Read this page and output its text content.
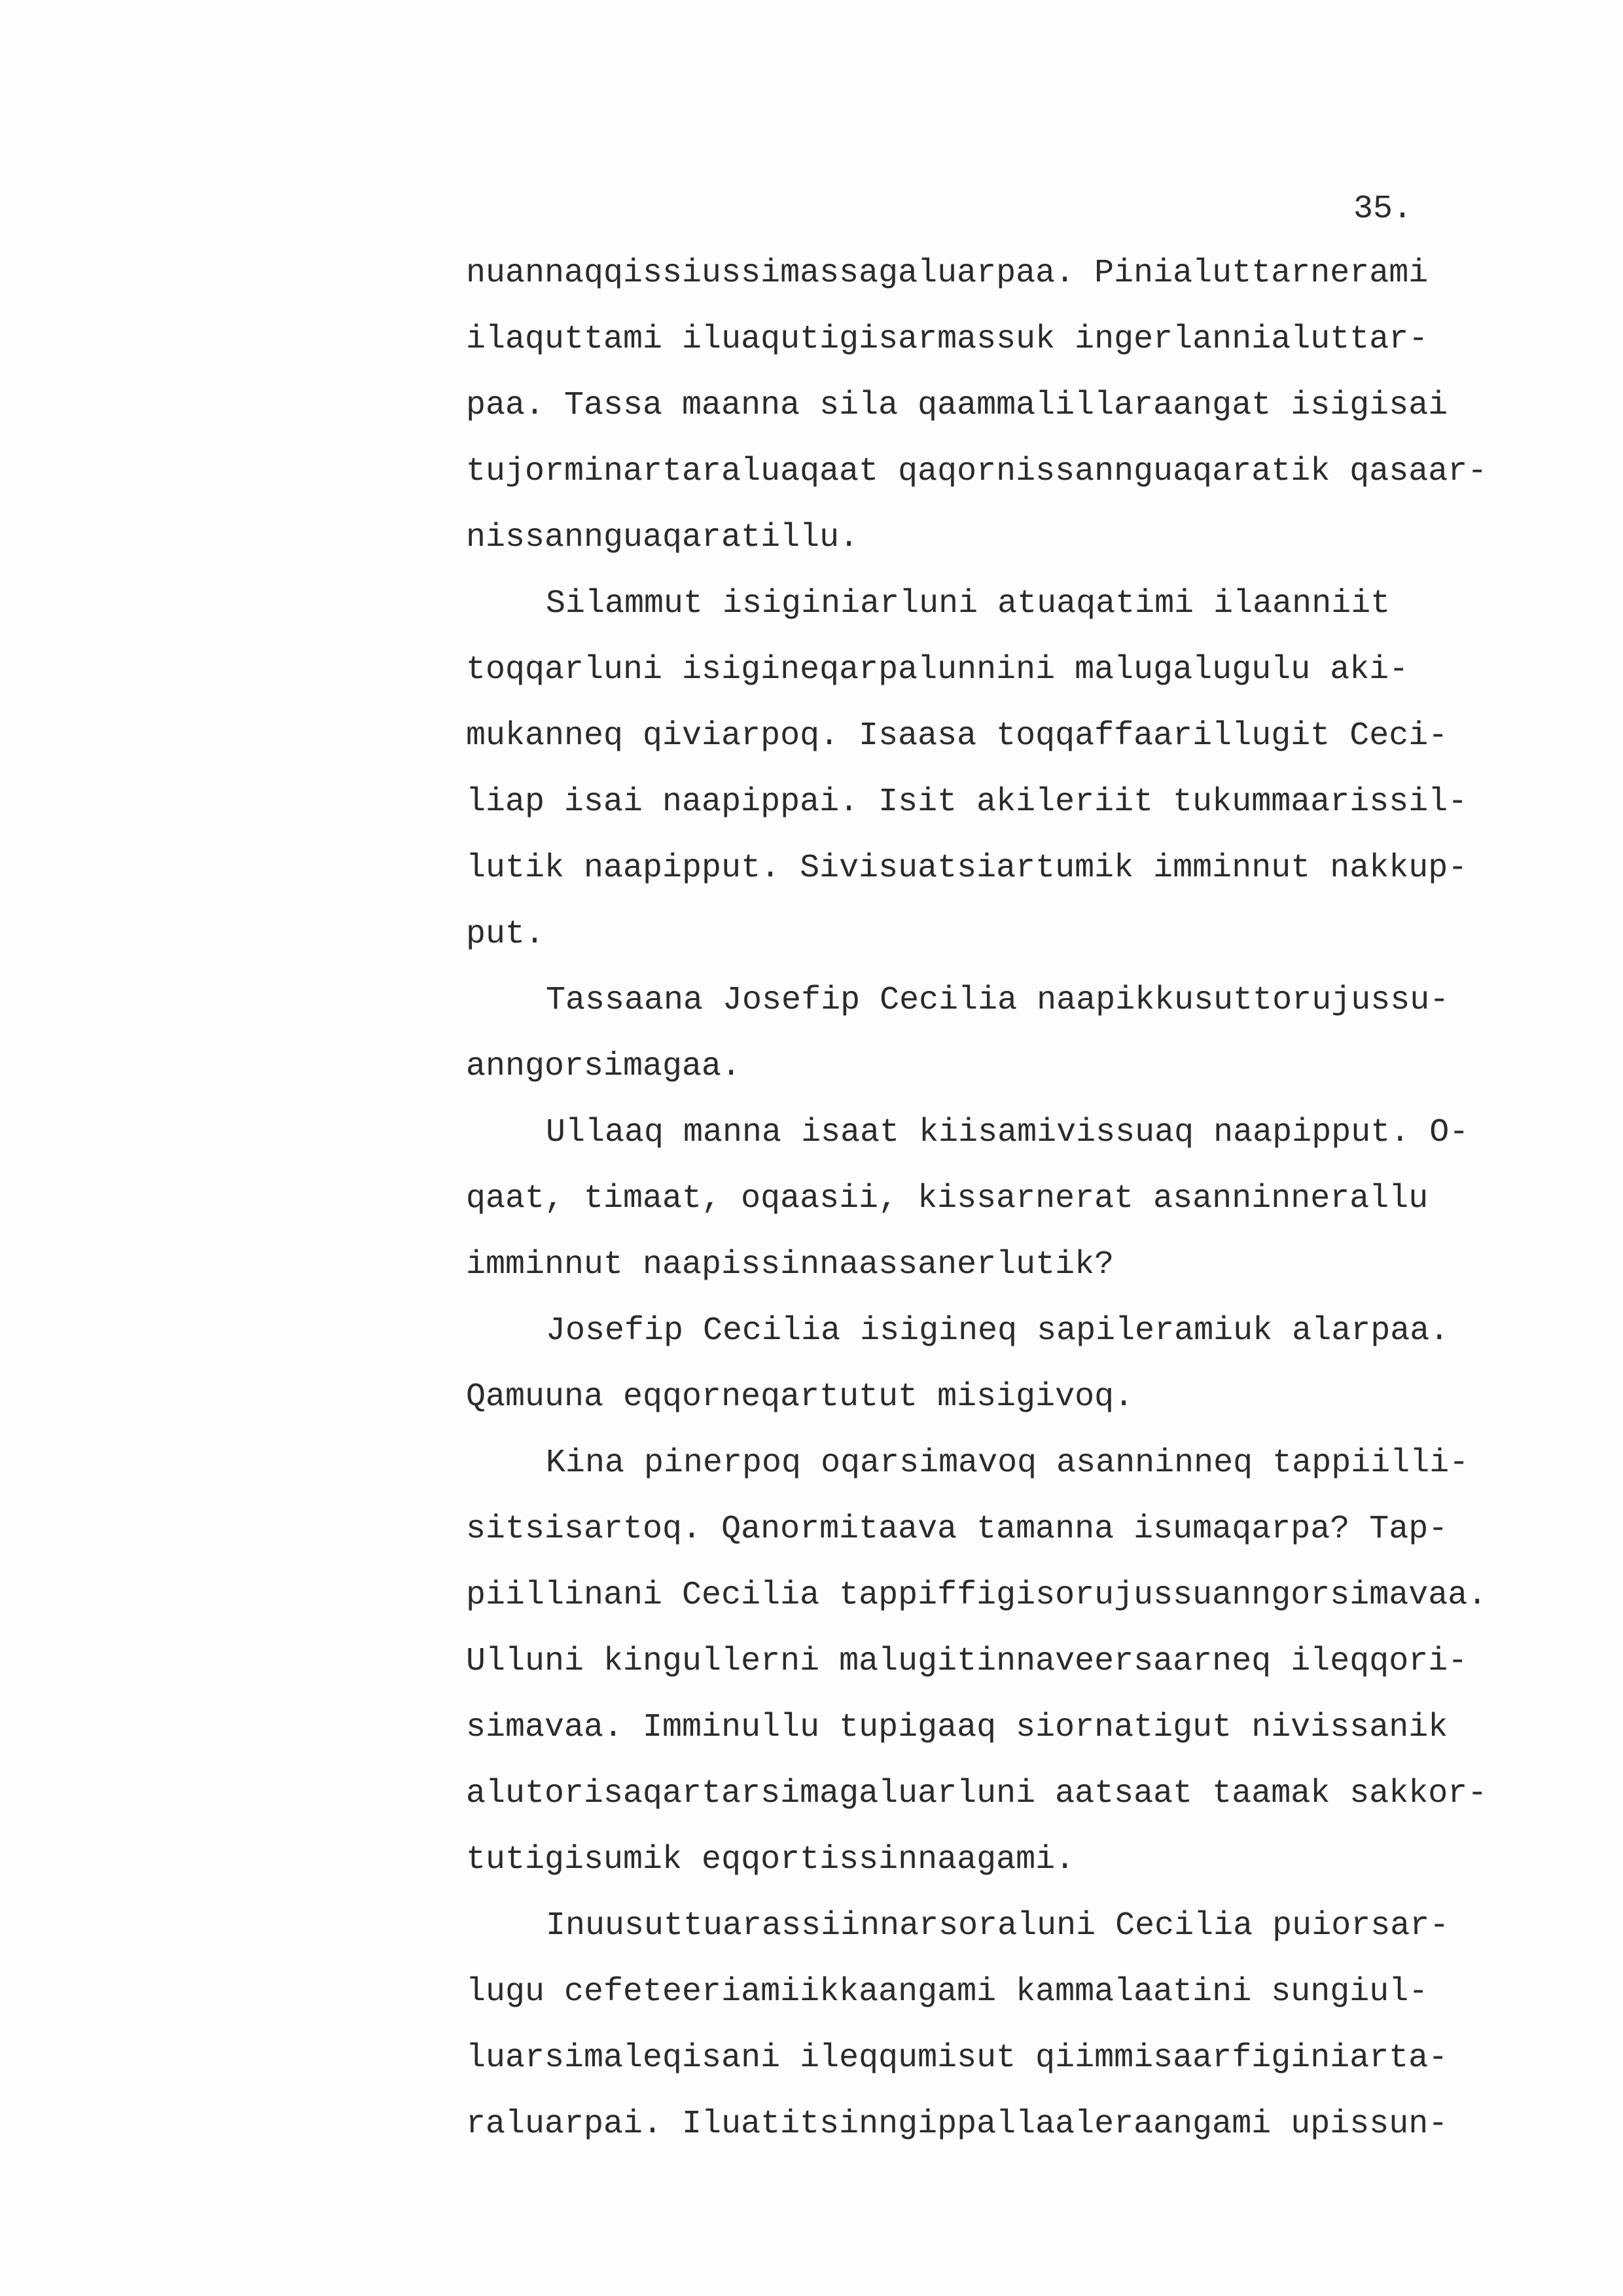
35.
nuannaqqissiussimassagaluarpaa. Pinialuttarnerami
ilaquttami iluaqutigisarmassuk ingerlannialuttar-
paa. Tassa maanna sila qaammalillaraangat isigisai
tujorminartaraluaqaat qaqornissannguaqaratik qasaar-
nissannguaqaratillu.
Silammut isiginiarluni atuaqatimi ilaanniit
toqqarluni isigineqarpalunnini malugalugulu aki-
mukanneq qiviarpoq. Isaasa toqqaffaarillugit Ceci-
liap isai naapippai. Isit akileriit tukummaarissil-
lutik naapipput. Sivisuatsiartumik imminnut nakkup-
put.
Tassaana Josefip Cecilia naapikkusuttorujussu-
anngorsimagaa.
Ullaaq manna isaat kiisamivissuaq naapipput. O-
qaat, timaat, oqaasii, kissarnerat asanninnerallu
imminnut naapissinnaassanerlutik?
Josefip Cecilia isigineq sapileramiuk alarpaa.
Qamuuna eqqorneqartutut misigivoq.
Kina pinerpoq oqarsimavoq asanninneq tappiilli-
sitsisartoq. Qanormitaava tamanna isumaqarpa? Tap-
piillinani Cecilia tappiffigisorujussuanngorsimavaa.
Ulluni kingullerni malugitinnaveersaarneq ileqqori-
simavaa. Imminullu tupigaaq siornatigut nivissanik
alutorisaqartarsimagaluarluni aatsaat taamak sakkor-
tutigisumik eqqortissinnaagami.
Inuusuttuarassiinnarsoraluni Cecilia puiorsar-
lugu cefeteeriamiikkaangami kammalaatini sungiul-
luarsimaleqisani ileqqumisut qiimmisaarfiginiarta-
raluarpai. Iluatitsinngippallaaleraangami upissun-
